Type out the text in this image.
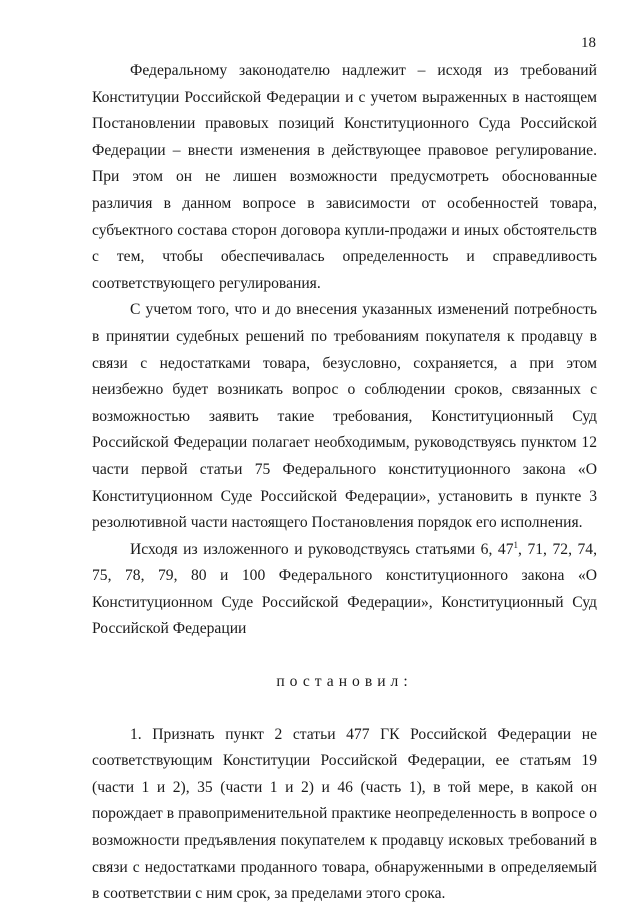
18

Федеральному законодателю надлежит – исходя из требований Конституции Российской Федерации и с учетом выраженных в настоящем Постановлении правовых позиций Конституционного Суда Российской Федерации – внести изменения в действующее правовое регулирование. При этом он не лишен возможности предусмотреть обоснованные различия в данном вопросе в зависимости от особенностей товара, субъектного состава сторон договора купли-продажи и иных обстоятельств с тем, чтобы обеспечивалась определенность и справедливость соответствующего регулирования.

С учетом того, что и до внесения указанных изменений потребность в принятии судебных решений по требованиям покупателя к продавцу в связи с недостатками товара, безусловно, сохраняется, а при этом неизбежно будет возникать вопрос о соблюдении сроков, связанных с возможностью заявить такие требования, Конституционный Суд Российской Федерации полагает необходимым, руководствуясь пунктом 12 части первой статьи 75 Федерального конституционного закона «О Конституционном Суде Российской Федерации», установить в пункте 3 резолютивной части настоящего Постановления порядок его исполнения.

Исходя из изложенного и руководствуясь статьями 6, $47^1$, 71, 72, 74, 75, 78, 79, 80 и 100 Федерального конституционного закона «О Конституционном Суде Российской Федерации», Конституционный Суд Российской Федерации

постановил:

1. Признать пункт 2 статьи 477 ГК Российской Федерации не соответствующим Конституции Российской Федерации, ее статьям 19 (части 1 и 2), 35 (части 1 и 2) и 46 (часть 1), в той мере, в какой он порождает в правоприменительной практике неопределенность в вопросе о возможности предъявления покупателем к продавцу исковых требований в связи с недостатками проданного товара, обнаруженными в определяемый в соответствии с ним срок, за пределами этого срока.
